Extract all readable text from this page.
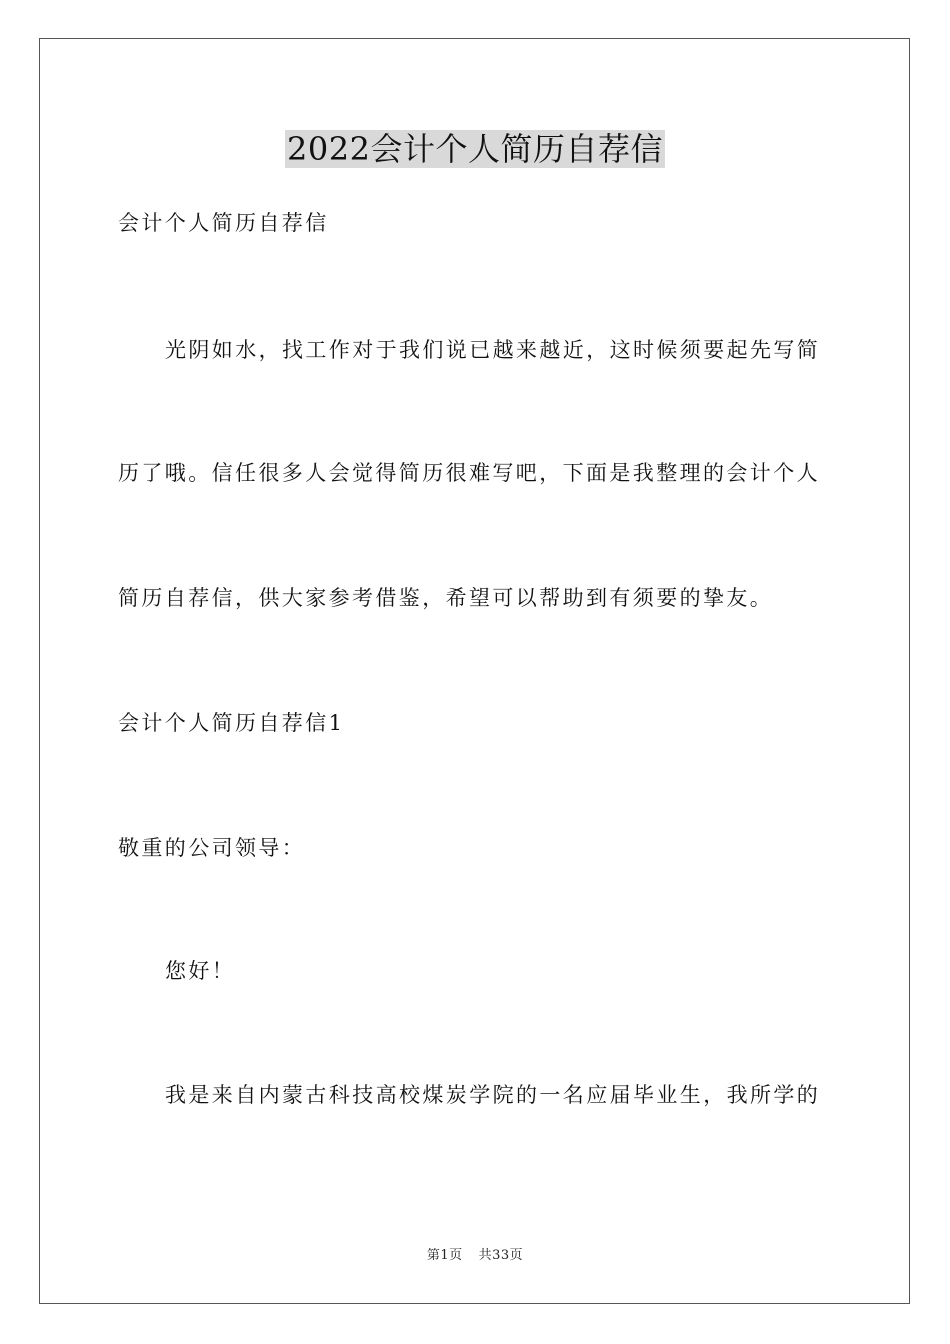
2022会计个人简历自荐信
会计个人简历自荐信
光阴如水，找工作对于我们说已越来越近，这时候须要起先写简
历了哦。信任很多人会觉得简历很难写吧，下面是我整理的会计个人
简历自荐信，供大家参考借鉴，希望可以帮助到有须要的挚友。
会计个人简历自荐信1
敬重的公司领导：
您好！
我是来自内蒙古科技高校煤炭学院的一名应届毕业生，我所学的
第1页 共33页
